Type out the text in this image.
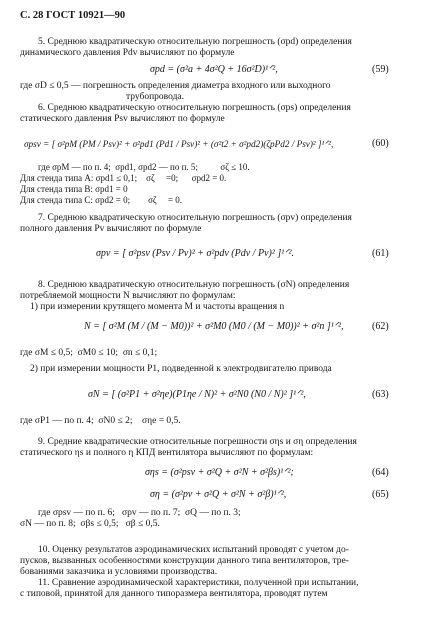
С. 28 ГОСТ 10921—90
5. Среднюю квадратическую относительную погрешность (σpd) определения
динамического давления Pdv вычисляют по формуле
σpd = (σ²a + 4σ²Q + 16σ²D)¹ᐟ²,	(59)
где σD ≤ 0,5 — погрешность определения диаметра входного или выходного
трубопровода.
6. Среднюю квадратическую относительную погрешность (σps) определения
статического давления Psv вычисляют по формуле
σpsv = [ σ²pM (PM / Psv)² + σ²pd1 (Pd1 / Psv)² + (σ²t2 + σ²pd2)(ζpPd2 / Psv)² ]¹ᐟ²,	(60)
где σpM — по п. 4;  σpd1, σpd2 — по п. 5;          σζ ≤ 10.
Для стенда типа А: σpd1 ≤ 0,1;    σζ     =0;      σpd2 = 0.
Для стенда типа В: σpd1 = 0
Для стенда типа С: σpd2 = 0;        σζ     = 0.
7. Среднюю квадратическую относительную погрешность (σpv) определения
полного давления Pv вычисляют по формуле
σpv = [ σ²psv (Psv / Pv)² + σ²pdv (Pdv / Pv)² ]¹ᐟ².	(61)
8. Среднюю квадратическую относительную погрешность (σN) определения
потребляемой мощности N вычисляют по формулам:
1) при измерении крутящего момента M и частоты вращения n
N = [ σ²M (M / (M − M0))² + σ²M0 (M0 / (M − M0))² + σ²n ]¹ᐟ²,	(62)
где σM ≤ 0,5;  σM0 ≤ 10;  σn ≤ 0,1;
2) при измерении мощности P1, подведенной к электродвигателю привода
σN = [ (σ²P1 + σ²ηe)(P1ηe / N)² + σ²N0 (N0 / N)² ]¹ᐟ²,	(63)
где σP1 — по п. 4;  σN0 ≤ 2;    σηe = 0,5.
9. Средние квадратические относительные погрешности σηs и ση определения
статического ηs и полного η КПД вентилятора вычисляют по формулам:
σηs = (σ²psv + σ²Q + σ²N + σ²βs)¹ᐟ²;	(64)
ση = (σ²pv + σ²Q + σ²N + σ²β)¹ᐟ²,	(65)
где σpsv — по п. 6;   σpv — по п. 7;  σQ — по п. 3;
σN — по п. 8;  σβs ≤ 0,5;   σβ ≤ 0,5.
10. Оценку результатов аэродинамических испытаний проводят с учетом до-
пусков, вызванных особенностями конструкции данного типа вентиляторов, тре-
бованиями заказчика и условиями производства.
11. Сравнение аэродинамической характеристики, полученной при испытании,
с типовой, принятой для данного типоразмера вентилятора, проводят путем
